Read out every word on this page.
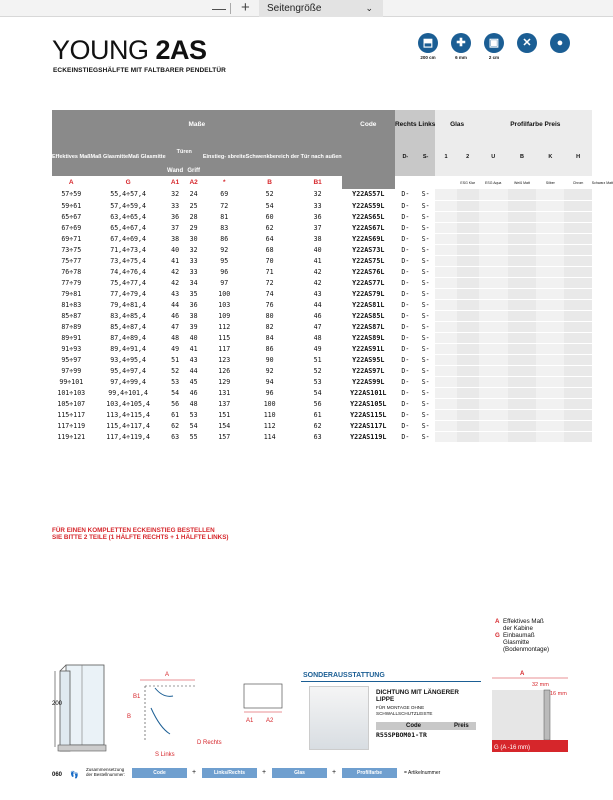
— +	Seitengröße	⌄
YOUNG 2AS
ECKEINSTIEGSHÄLFTE MIT FALTBARER PENDELTÜR
⬒
200 cm
✚
6 mm
▣
2 cm
✕	●
Maße							Code	Rechts Links		Glas		Profilfarbe Preis				
Effektives Maß	Maß GlasmitteMaß Glasmitte	Türen		Einstieg- sbreite	Schwenkbereich der Tür nach außen			D-	S-	1	2	U	B	K	H	
		Wand	Griff													
A	G	A1	A2	*	B	B1					ESG Klar	ESG Aqua	Weiß Matt	Silber	Chrom	Schwarz Matt
57÷59	55,4÷57,4	32	24	69	52	32	Y22AS57L	D-	S-							
59÷61	57,4÷59,4	33	25	72	54	33	Y22AS59L	D-	S-							
65÷67	63,4÷65,4	36	28	81	60	36	Y22AS65L	D-	S-							
67÷69	65,4÷67,4	37	29	83	62	37	Y22AS67L	D-	S-							
69÷71	67,4÷69,4	38	30	86	64	38	Y22AS69L	D-	S-							
73÷75	71,4÷73,4	40	32	92	68	40	Y22AS73L	D-	S-							
75÷77	73,4÷75,4	41	33	95	70	41	Y22AS75L	D-	S-							
76÷78	74,4÷76,4	42	33	96	71	42	Y22AS76L	D-	S-							
77÷79	75,4÷77,4	42	34	97	72	42	Y22AS77L	D-	S-							
79÷81	77,4÷79,4	43	35	100	74	43	Y22AS79L	D-	S-							
81÷83	79,4÷81,4	44	36	103	76	44	Y22AS81L	D-	S-							
85÷87	83,4÷85,4	46	38	109	80	46	Y22AS85L	D-	S-							
87÷89	85,4÷87,4	47	39	112	82	47	Y22AS87L	D-	S-							
89÷91	87,4÷89,4	48	40	115	84	48	Y22AS89L	D-	S-							
91÷93	89,4÷91,4	49	41	117	86	49	Y22AS91L	D-	S-							
95÷97	93,4÷95,4	51	43	123	90	51	Y22AS95L	D-	S-							
97÷99	95,4÷97,4	52	44	126	92	52	Y22AS97L	D-	S-							
99÷101	97,4÷99,4	53	45	129	94	53	Y22AS99L	D-	S-							
101÷103	99,4÷101,4	54	46	131	96	54	Y22AS101L	D-	S-							
105÷107	103,4÷105,4	56	48	137	100	56	Y22AS105L	D-	S-							
115÷117	113,4÷115,4	61	53	151	110	61	Y22AS115L	D-	S-							
117÷119	115,4÷117,4	62	54	154	112	62	Y22AS117L	D-	S-							
119÷121	117,4÷119,4	63	55	157	114	63	Y22AS119L	D-	S-							
FÜR EINEN KOMPLETTEN ECKEINSTIEG BESTELLEN
SIE BITTE 2 TEILE (1 HÄLFTE RECHTS + 1 HÄLFTE LINKS)
A Effektives Maß
der Kabine
G Einbaumaß
Glasmitte
(Bodenmontage)
200
A
B
B1
D Rechts
S Links
A1 A2
SONDERAUSSTATTUNG
DICHTUNG MIT LÄNGERER
LIPPE
FÜR MONTAGE OHNE
SCHWALLSCHUTZLEISTE
Code	Preis
R55SPBOM01-TR
A
32 mm
16 mm
G (A -16 mm)
060 👣
Zusammensetzung
der Bestellnummer:	Code	+	Links/Rechts	+	Glas	+	Profilfarbe	= Artikelnummer
